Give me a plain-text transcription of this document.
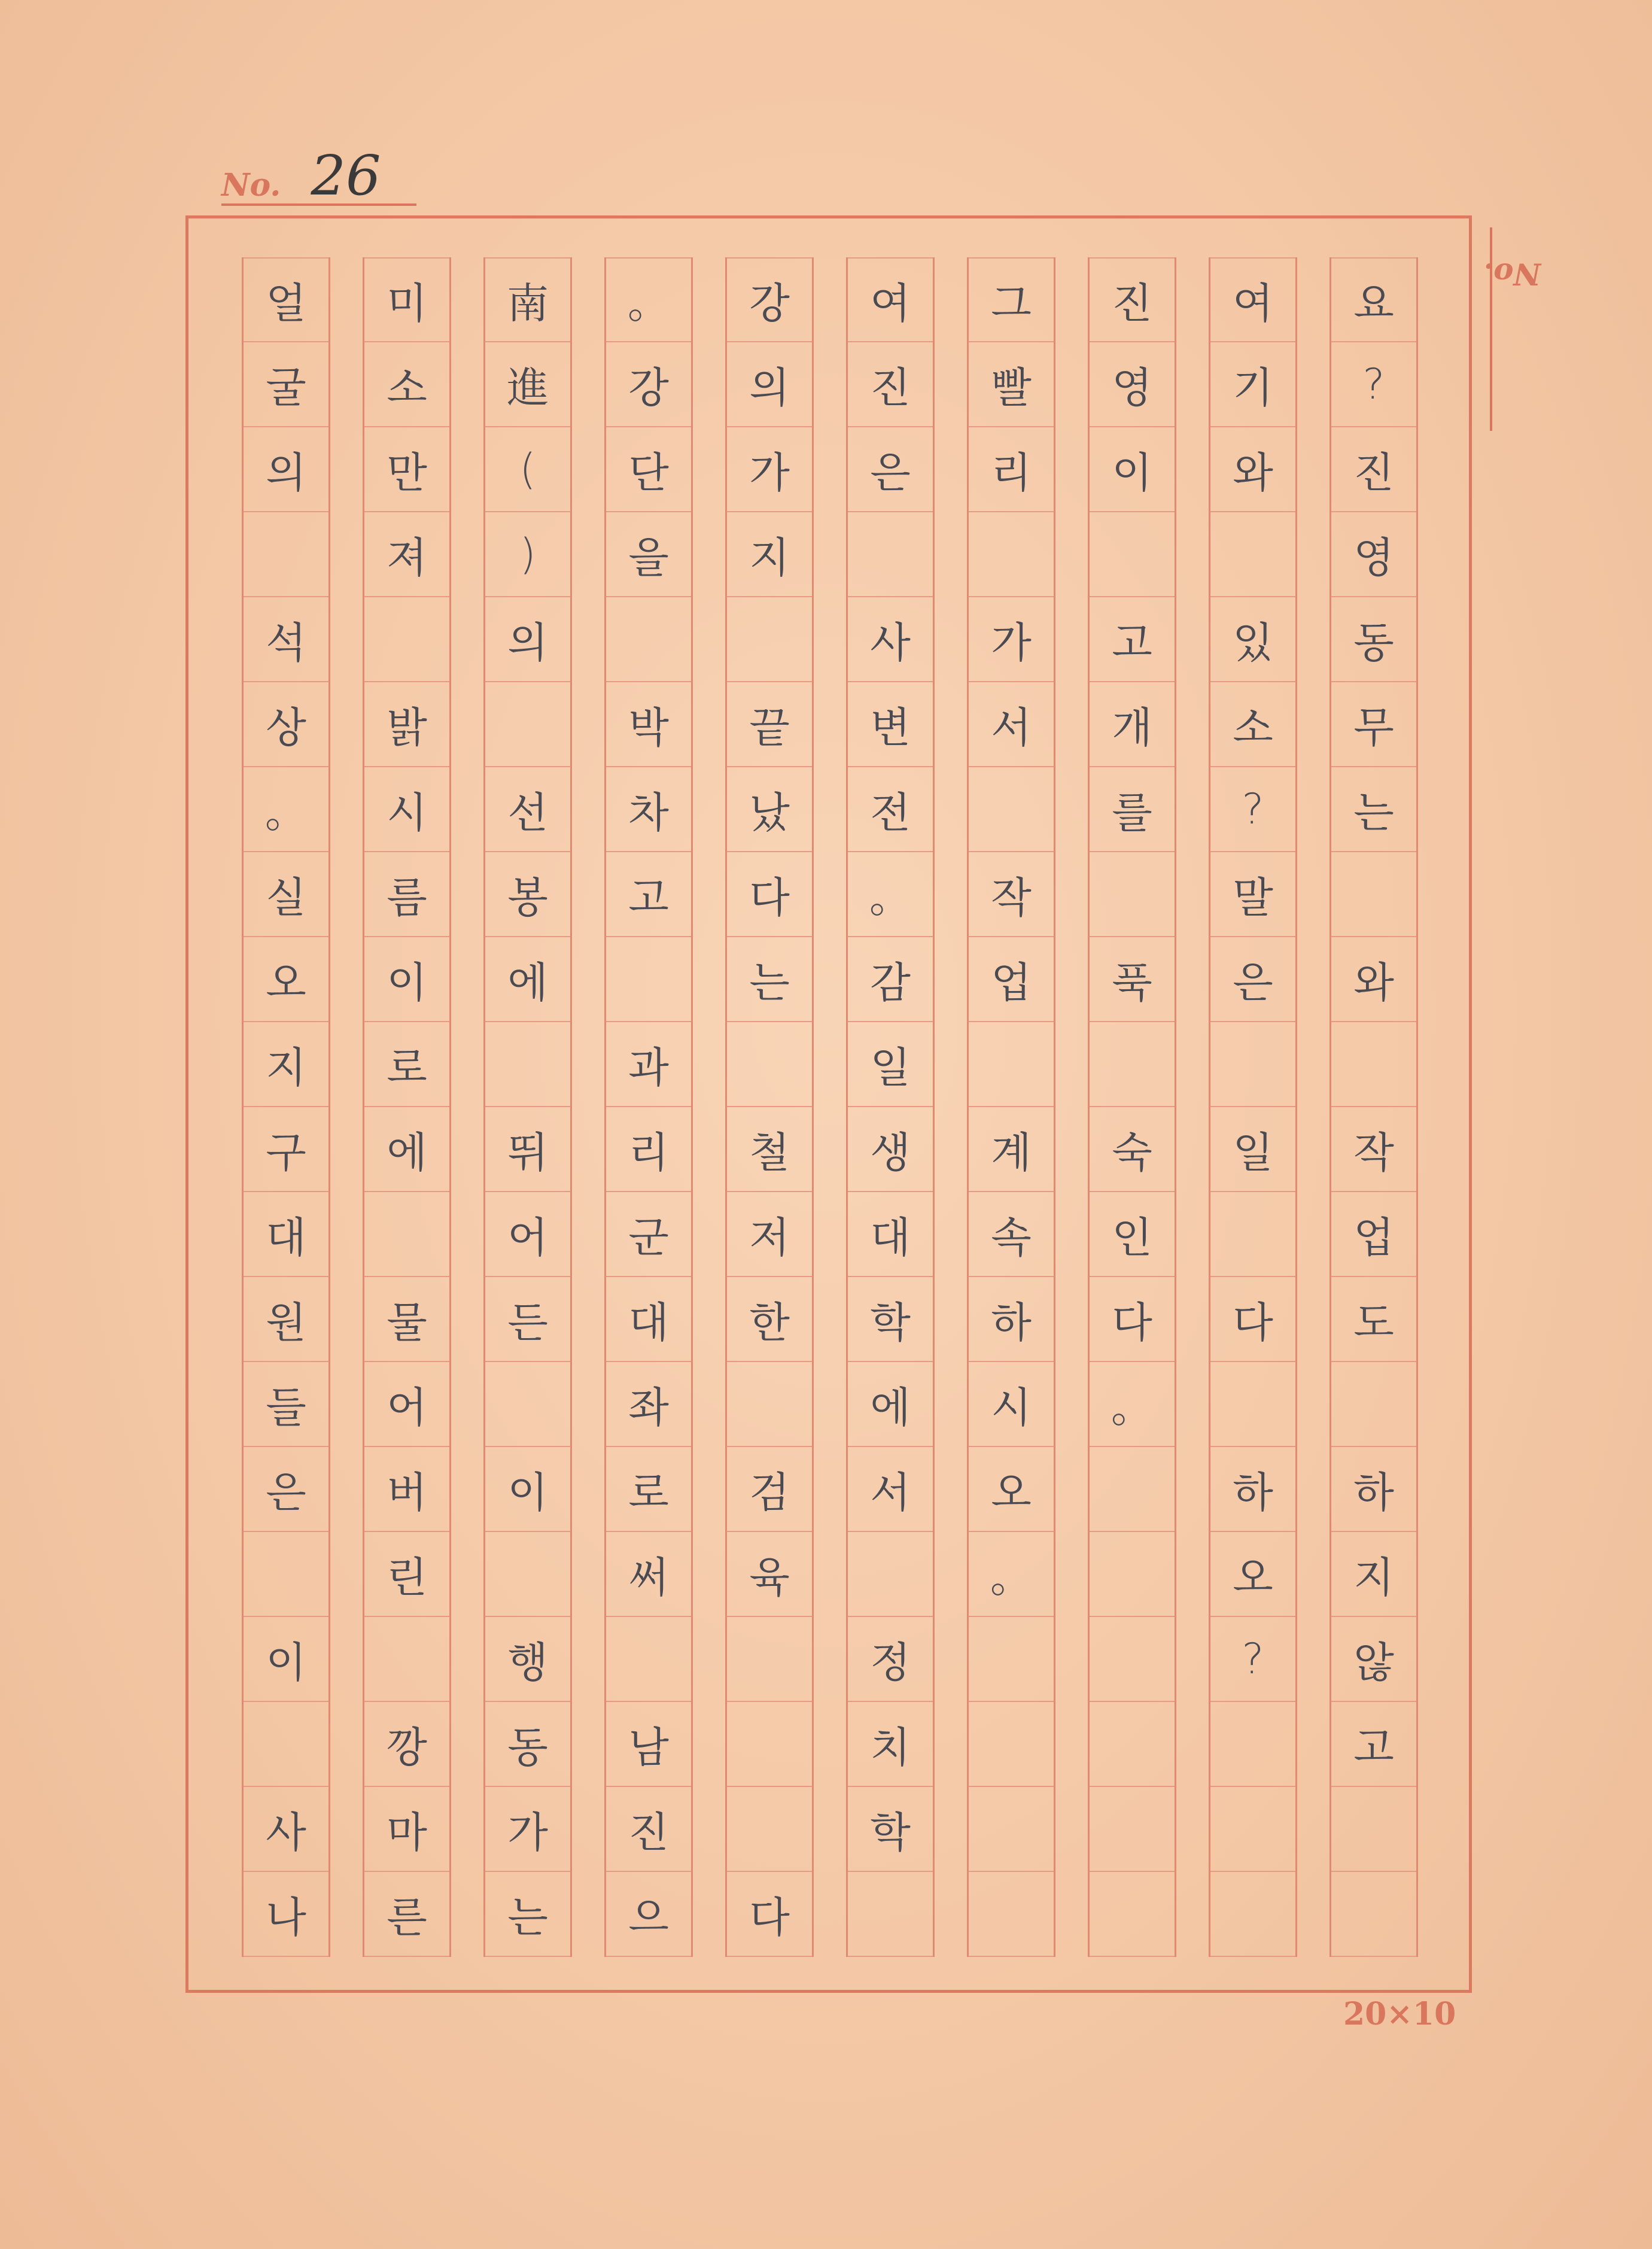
No. 26
No.
요
?
진
영
동
무
는
와
작
업
도
하
지
않
고
여
기
와
있
소
?
말
은
일
다
하
오
?
진
영
이
고
개
를
푹
숙
인
다
。
그
빨
리
가
서
작
업
계
속
하
시
오
。
여
진
은
사
변
전
。
감
일
생
대
학
에
서
정
치
학
강
의
가
지
끝
났
다
는
철
저
한
검
육
다
。
강
단
을
박
차
고
과
리
군
대
좌
로
써
남
진
으
南
進
(
)
의
선
봉
에
뛰
어
든
이
행
동
가
는
미
소
만
져
밝
시
름
이
로
에
물
어
버
린
깡
마
른
얼
굴
의
석
상
。
실
오
지
구
대
원
들
은
이
사
나
20×10
